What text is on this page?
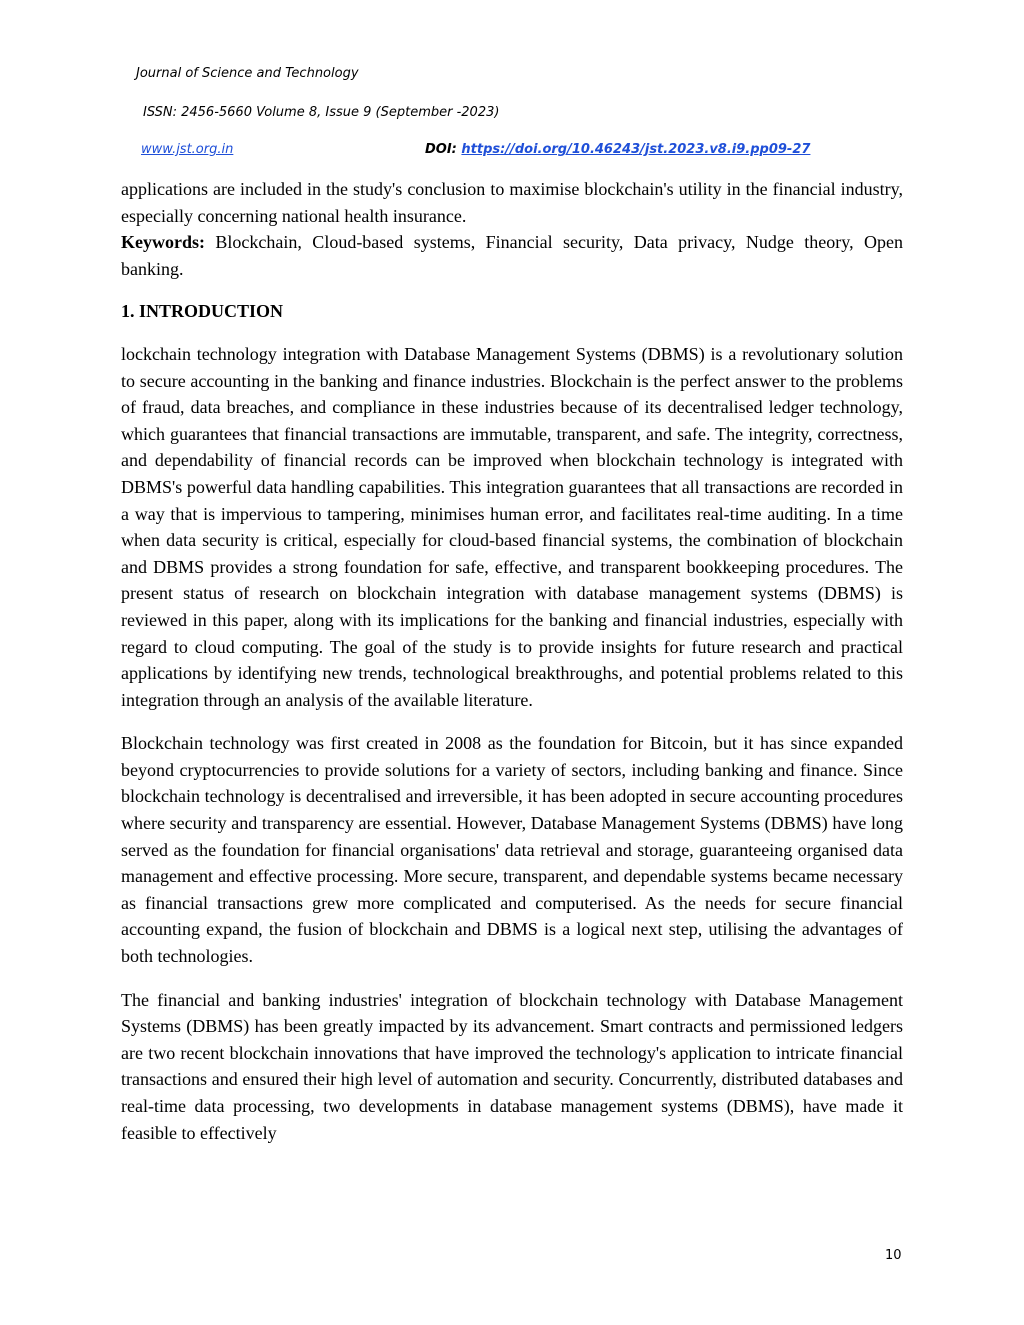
Journal of Science and Technology
ISSN: 2456-5660 Volume 8, Issue 9 (September -2023)
www.jst.org.in	DOI: https://doi.org/10.46243/jst.2023.v8.i9.pp09-27

applications are included in the study's conclusion to maximise blockchain's utility in the financial industry, especially concerning national health insurance.

Keywords: Blockchain, Cloud-based systems, Financial security, Data privacy, Nudge theory, Open banking.

1. INTRODUCTION

lockchain technology integration with Database Management Systems (DBMS) is a revolutionary solution to secure accounting in the banking and finance industries. Blockchain is the perfect answer to the problems of fraud, data breaches, and compliance in these industries because of its decentralised ledger technology, which guarantees that financial transactions are immutable, transparent, and safe. The integrity, correctness, and dependability of financial records can be improved when blockchain technology is integrated with DBMS's powerful data handling capabilities. This integration guarantees that all transactions are recorded in a way that is impervious to tampering, minimises human error, and facilitates real-time auditing. In a time when data security is critical, especially for cloud-based financial systems, the combination of blockchain and DBMS provides a strong foundation for safe, effective, and transparent bookkeeping procedures. The present status of research on blockchain integration with database management systems (DBMS) is reviewed in this paper, along with its implications for the banking and financial industries, especially with regard to cloud computing. The goal of the study is to provide insights for future research and practical applications by identifying new trends, technological breakthroughs, and potential problems related to this integration through an analysis of the available literature.

Blockchain technology was first created in 2008 as the foundation for Bitcoin, but it has since expanded beyond cryptocurrencies to provide solutions for a variety of sectors, including banking and finance. Since blockchain technology is decentralised and irreversible, it has been adopted in secure accounting procedures where security and transparency are essential. However, Database Management Systems (DBMS) have long served as the foundation for financial organisations' data retrieval and storage, guaranteeing organised data management and effective processing. More secure, transparent, and dependable systems became necessary as financial transactions grew more complicated and computerised. As the needs for secure financial accounting expand, the fusion of blockchain and DBMS is a logical next step, utilising the advantages of both technologies.

The financial and banking industries' integration of blockchain technology with Database Management Systems (DBMS) has been greatly impacted by its advancement. Smart contracts and permissioned ledgers are two recent blockchain innovations that have improved the technology's application to intricate financial transactions and ensured their high level of automation and security. Concurrently, distributed databases and real-time data processing, two developments in database management systems (DBMS), have made it feasible to effectively

10
